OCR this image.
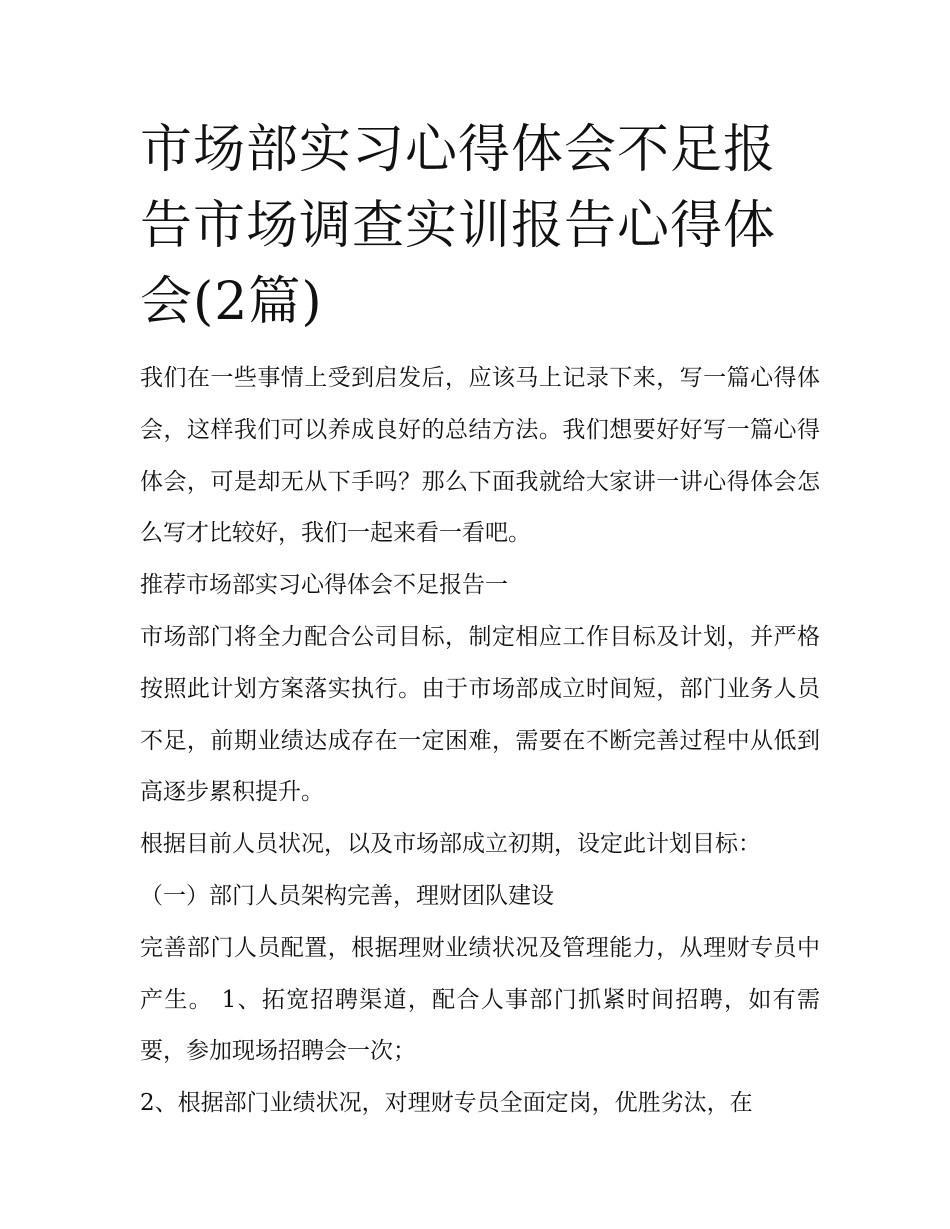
市场部实习心得体会不足报告市场调查实训报告心得体会(2篇)

我们在一些事情上受到启发后，应该马上记录下来，写一篇心得体会，这样我们可以养成良好的总结方法。我们想要好好写一篇心得体会，可是却无从下手吗？那么下面我就给大家讲一讲心得体会怎么写才比较好，我们一起来看一看吧。

推荐市场部实习心得体会不足报告一

市场部门将全力配合公司目标，制定相应工作目标及计划，并严格按照此计划方案落实执行。由于市场部成立时间短，部门业务人员不足，前期业绩达成存在一定困难，需要在不断完善过程中从低到高逐步累积提升。

根据目前人员状况，以及市场部成立初期，设定此计划目标：

（一）部门人员架构完善，理财团队建设

完善部门人员配置，根据理财业绩状况及管理能力，从理财专员中产生。 1、拓宽招聘渠道，配合人事部门抓紧时间招聘，如有需要，参加现场招聘会一次；

2、根据部门业绩状况，对理财专员全面定岗，优胜劣汰，在
